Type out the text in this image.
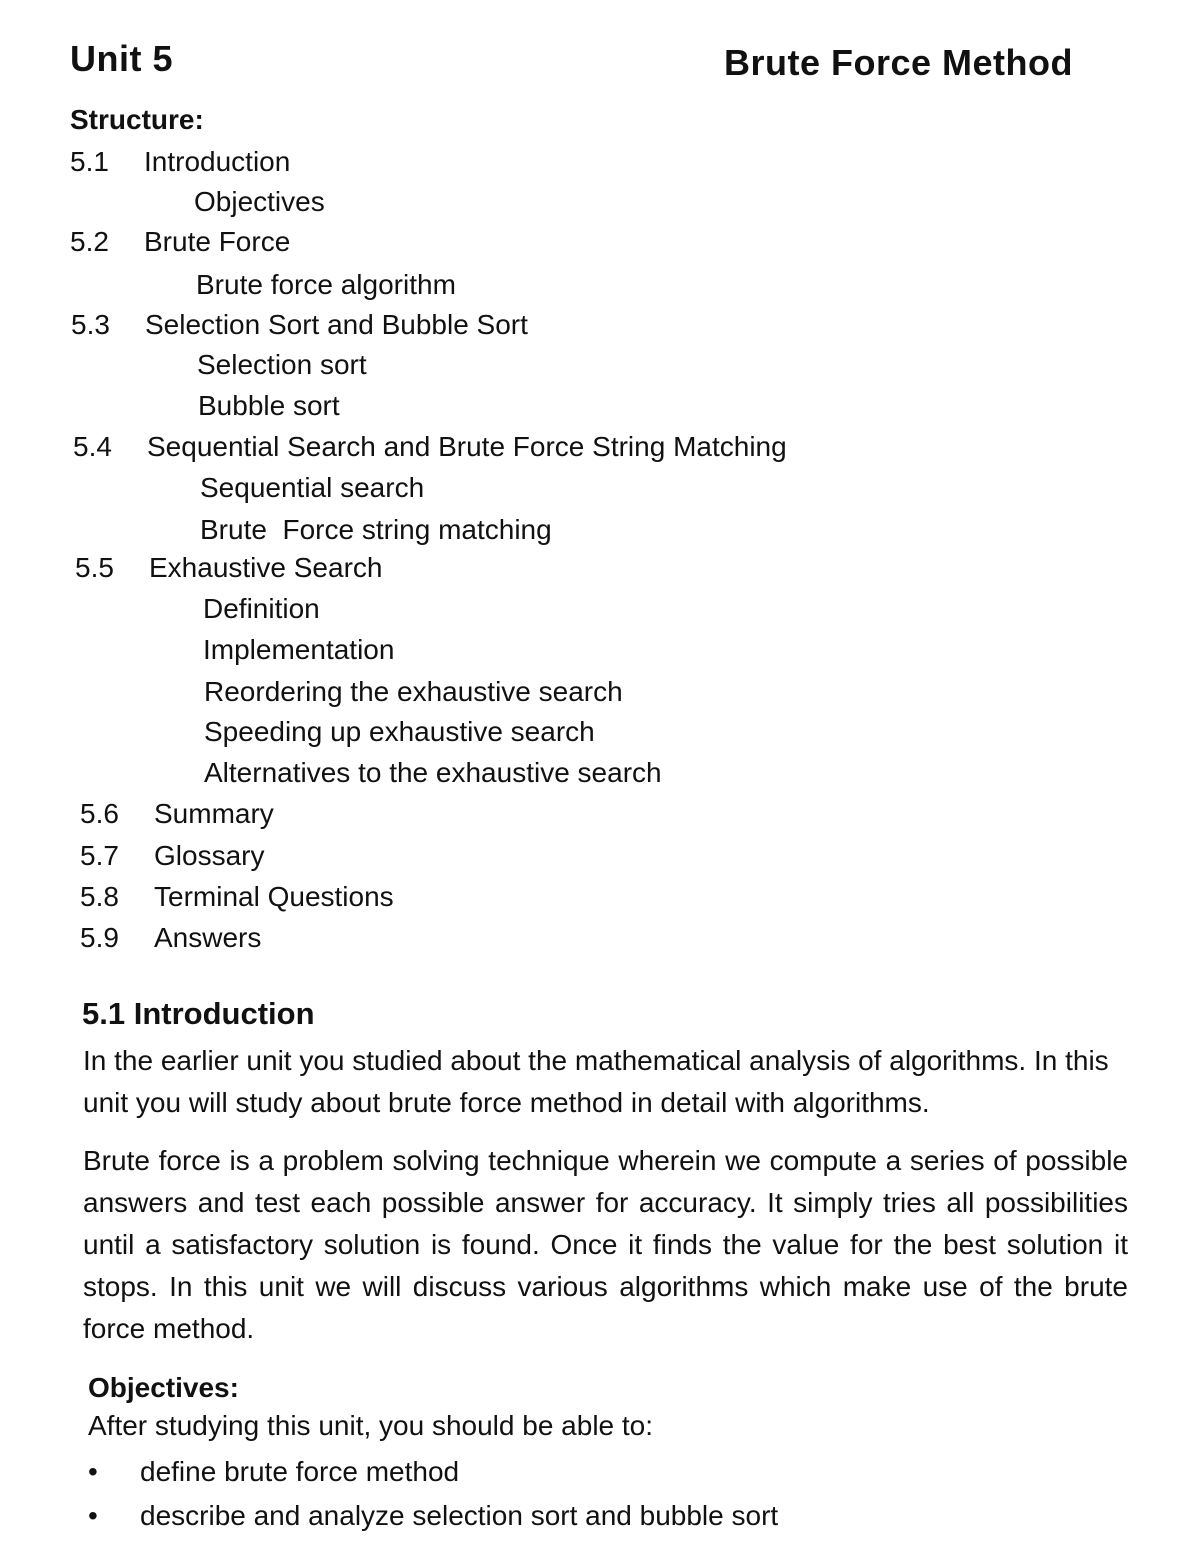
Unit 5	Brute Force Method
Structure:
5.1 Introduction
Objectives
5.2 Brute Force
Brute force algorithm
5.3 Selection Sort and Bubble Sort
Selection sort
Bubble sort
5.4 Sequential Search and Brute Force String Matching
Sequential search
Brute  Force string matching
5.5 Exhaustive Search
Definition
Implementation
Reordering the exhaustive search
Speeding up exhaustive search
Alternatives to the exhaustive search
5.6 Summary
5.7 Glossary
5.8 Terminal Questions
5.9 Answers
5.1 Introduction
In the earlier unit you studied about the mathematical analysis of algorithms. In this unit you will study about brute force method in detail with algorithms.
Brute force is a problem solving technique wherein we compute a series of possible answers and test each possible answer for accuracy. It simply tries all possibilities until a satisfactory solution is found. Once it finds the value for the best solution it stops. In this unit we will discuss various algorithms which make use of the brute force method.
Objectives:
After studying this unit, you should be able to:
• define brute force method
• describe and analyze selection sort and bubble sort
